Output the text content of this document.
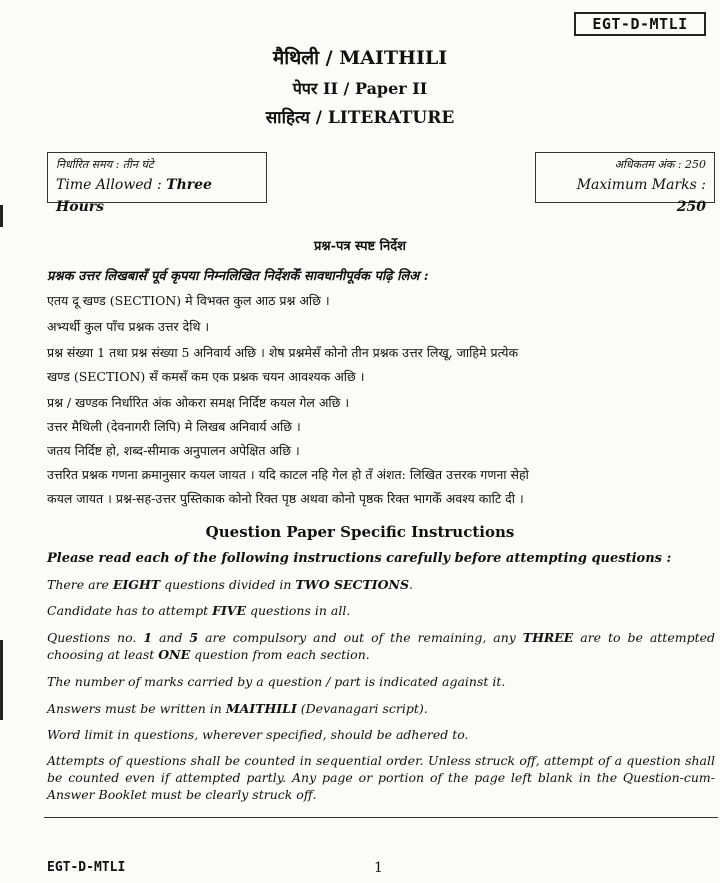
EGT-D-MTLI
मैथिली / MAITHILI
पेपर II / Paper II
साहित्य / LITERATURE
निर्धारित समय : तीन घंटे
Time Allowed : Three Hours
अधिकतम अंक : 250
Maximum Marks : 250
प्रश्न-पत्र स्पष्ट निर्देश
प्रश्नक उत्तर लिखबासँ पूर्व कृपया निम्नलिखित निर्देशकेँ सावधानीपूर्वक पढ़ि लिअ :
एतय दू खण्ड (SECTION) मे विभक्त कुल आठ प्रश्न अछि ।
अभ्यर्थी कुल पाँच प्रश्नक उत्तर देथि ।
प्रश्न संख्या 1 तथा प्रश्न संख्या 5 अनिवार्य अछि । शेष प्रश्नमेसँ कोनो तीन प्रश्नक उत्तर लिखू, जाहिमे प्रत्येक
खण्ड (SECTION) सँ कमसँ कम एक प्रश्नक चयन आवश्यक अछि ।
प्रश्न / खण्डक निर्धारित अंक ओकरा समक्ष निर्दिष्ट कयल गेल अछि ।
उत्तर मैथिली (देवनागरी लिपि) मे लिखब अनिवार्य अछि ।
जतय निर्दिष्ट हो, शब्द-सीमाक अनुपालन अपेक्षित अछि ।
उत्तरित प्रश्नक गणना क्रमानुसार कयल जायत । यदि काटल नहि गेल हो तँ अंशत: लिखित उत्तरक गणना सेहो
कयल जायत । प्रश्न-सह-उत्तर पुस्तिकाक कोनो रिक्त पृष्ठ अथवा कोनो पृष्ठक रिक्त भागकेँ अवश्य काटि दी ।
Question Paper Specific Instructions
Please read each of the following instructions carefully before attempting questions :
There are EIGHT questions divided in TWO SECTIONS.
Candidate has to attempt FIVE questions in all.
Questions no. 1 and 5 are compulsory and out of the remaining, any THREE are to be attempted choosing at least ONE question from each section.
The number of marks carried by a question / part is indicated against it.
Answers must be written in MAITHILI (Devanagari script).
Word limit in questions, wherever specified, should be adhered to.
Attempts of questions shall be counted in sequential order. Unless struck off, attempt of a question shall be counted even if attempted partly. Any page or portion of the page left blank in the Question-cum-Answer Booklet must be clearly struck off.
EGT-D-MTLI	1
